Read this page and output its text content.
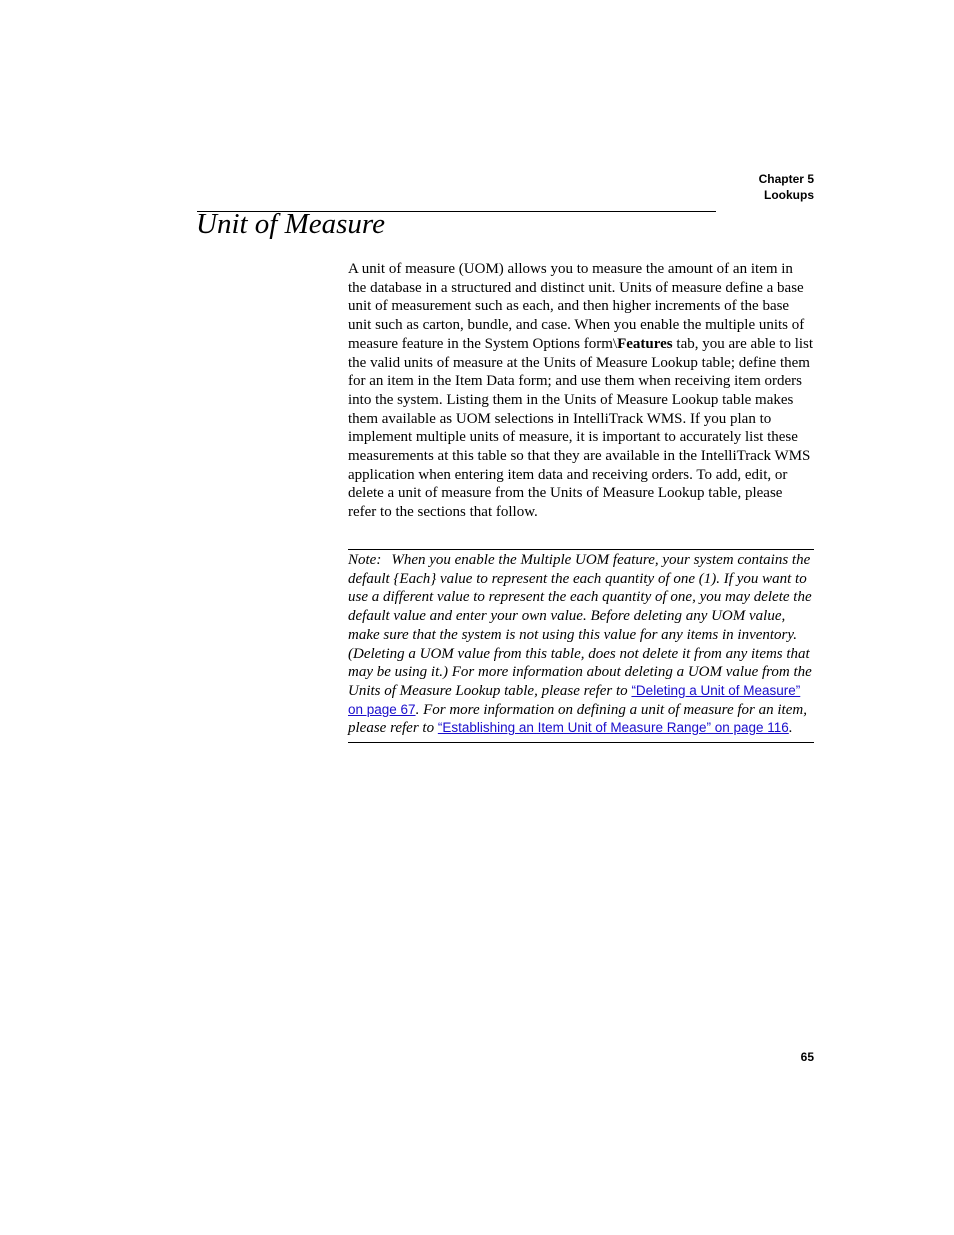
Chapter 5
Lookups
Unit of Measure

A unit of measure (UOM) allows you to measure the amount of an item in the database in a structured and distinct unit. Units of measure define a base unit of measurement such as each, and then higher increments of the base unit such as carton, bundle, and case. When you enable the multiple units of measure feature in the System Options form\Features tab, you are able to list the valid units of measure at the Units of Measure Lookup table; define them for an item in the Item Data form; and use them when receiving item orders into the system. Listing them in the Units of Measure Lookup table makes them available as UOM selections in IntelliTrack WMS. If you plan to implement multiple units of measure, it is important to accurately list these measurements at this table so that they are available in the IntelliTrack WMS application when entering item data and receiving orders. To add, edit, or delete a unit of measure from the Units of Measure Lookup table, please refer to the sections that follow.

Note: When you enable the Multiple UOM feature, your system contains the default {Each} value to represent the each quantity of one (1). If you want to use a different value to represent the each quantity of one, you may delete the default value and enter your own value. Before deleting any UOM value, make sure that the system is not using this value for any items in inventory. (Deleting a UOM value from this table, does not delete it from any items that may be using it.) For more information about deleting a UOM value from the Units of Measure Lookup table, please refer to “Deleting a Unit of Measure” on page 67. For more information on defining a unit of measure for an item, please refer to “Establishing an Item Unit of Measure Range” on page 116.
65
